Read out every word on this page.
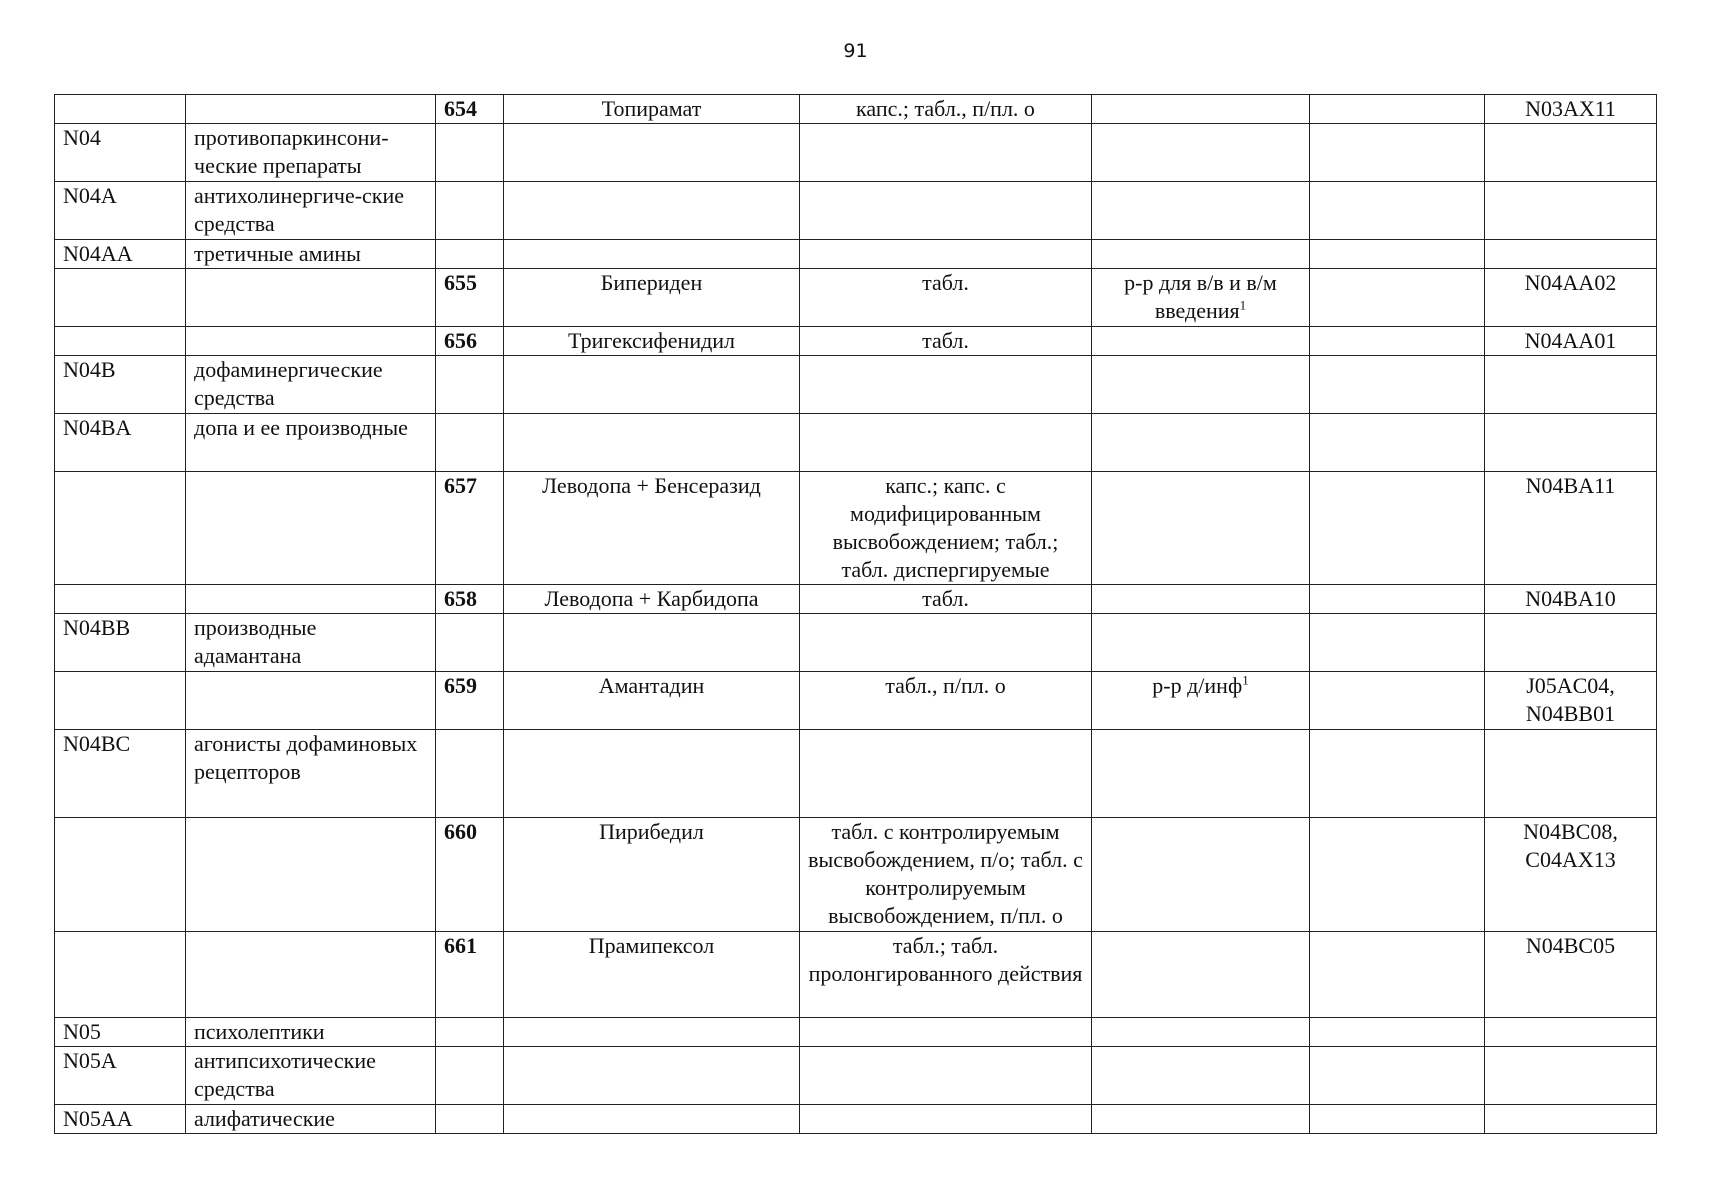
91
		654	Топирамат	капс.; табл., п/пл. о			N03AX11
N04	противопаркинсони-ческие препараты						
N04A	антихолинергиче-ские средства						
N04AA	третичные амины						
		655	Бипериден	табл.	р-р для в/в и в/м введения$^1$		N04AA02
		656	Тригексифенидил	табл.			N04AA01
N04B	дофаминергические средства						
N04BA	допа и ее производные						
		657	Леводопа + Бенсеразид	капс.; капс. с модифицированным высвобождением; табл.; табл. диспергируемые			N04BA11
		658	Леводопа + Карбидопа	табл.			N04BA10
N04BB	производные адамантана						
		659	Амантадин	табл., п/пл. о	р-р д/инф$^1$		J05AC04, N04BB01
N04BC	агонисты дофаминовых рецепторов						
		660	Пирибедил	табл. с контролируемым высвобождением, п/о; табл. с контролируемым высвобождением, п/пл. о			N04BC08, C04AX13
		661	Прамипексол	табл.; табл. пролонгированного действия			N04BC05
N05	психолептики						
N05A	антипсихотические средства						
N05AA	алифатические						
